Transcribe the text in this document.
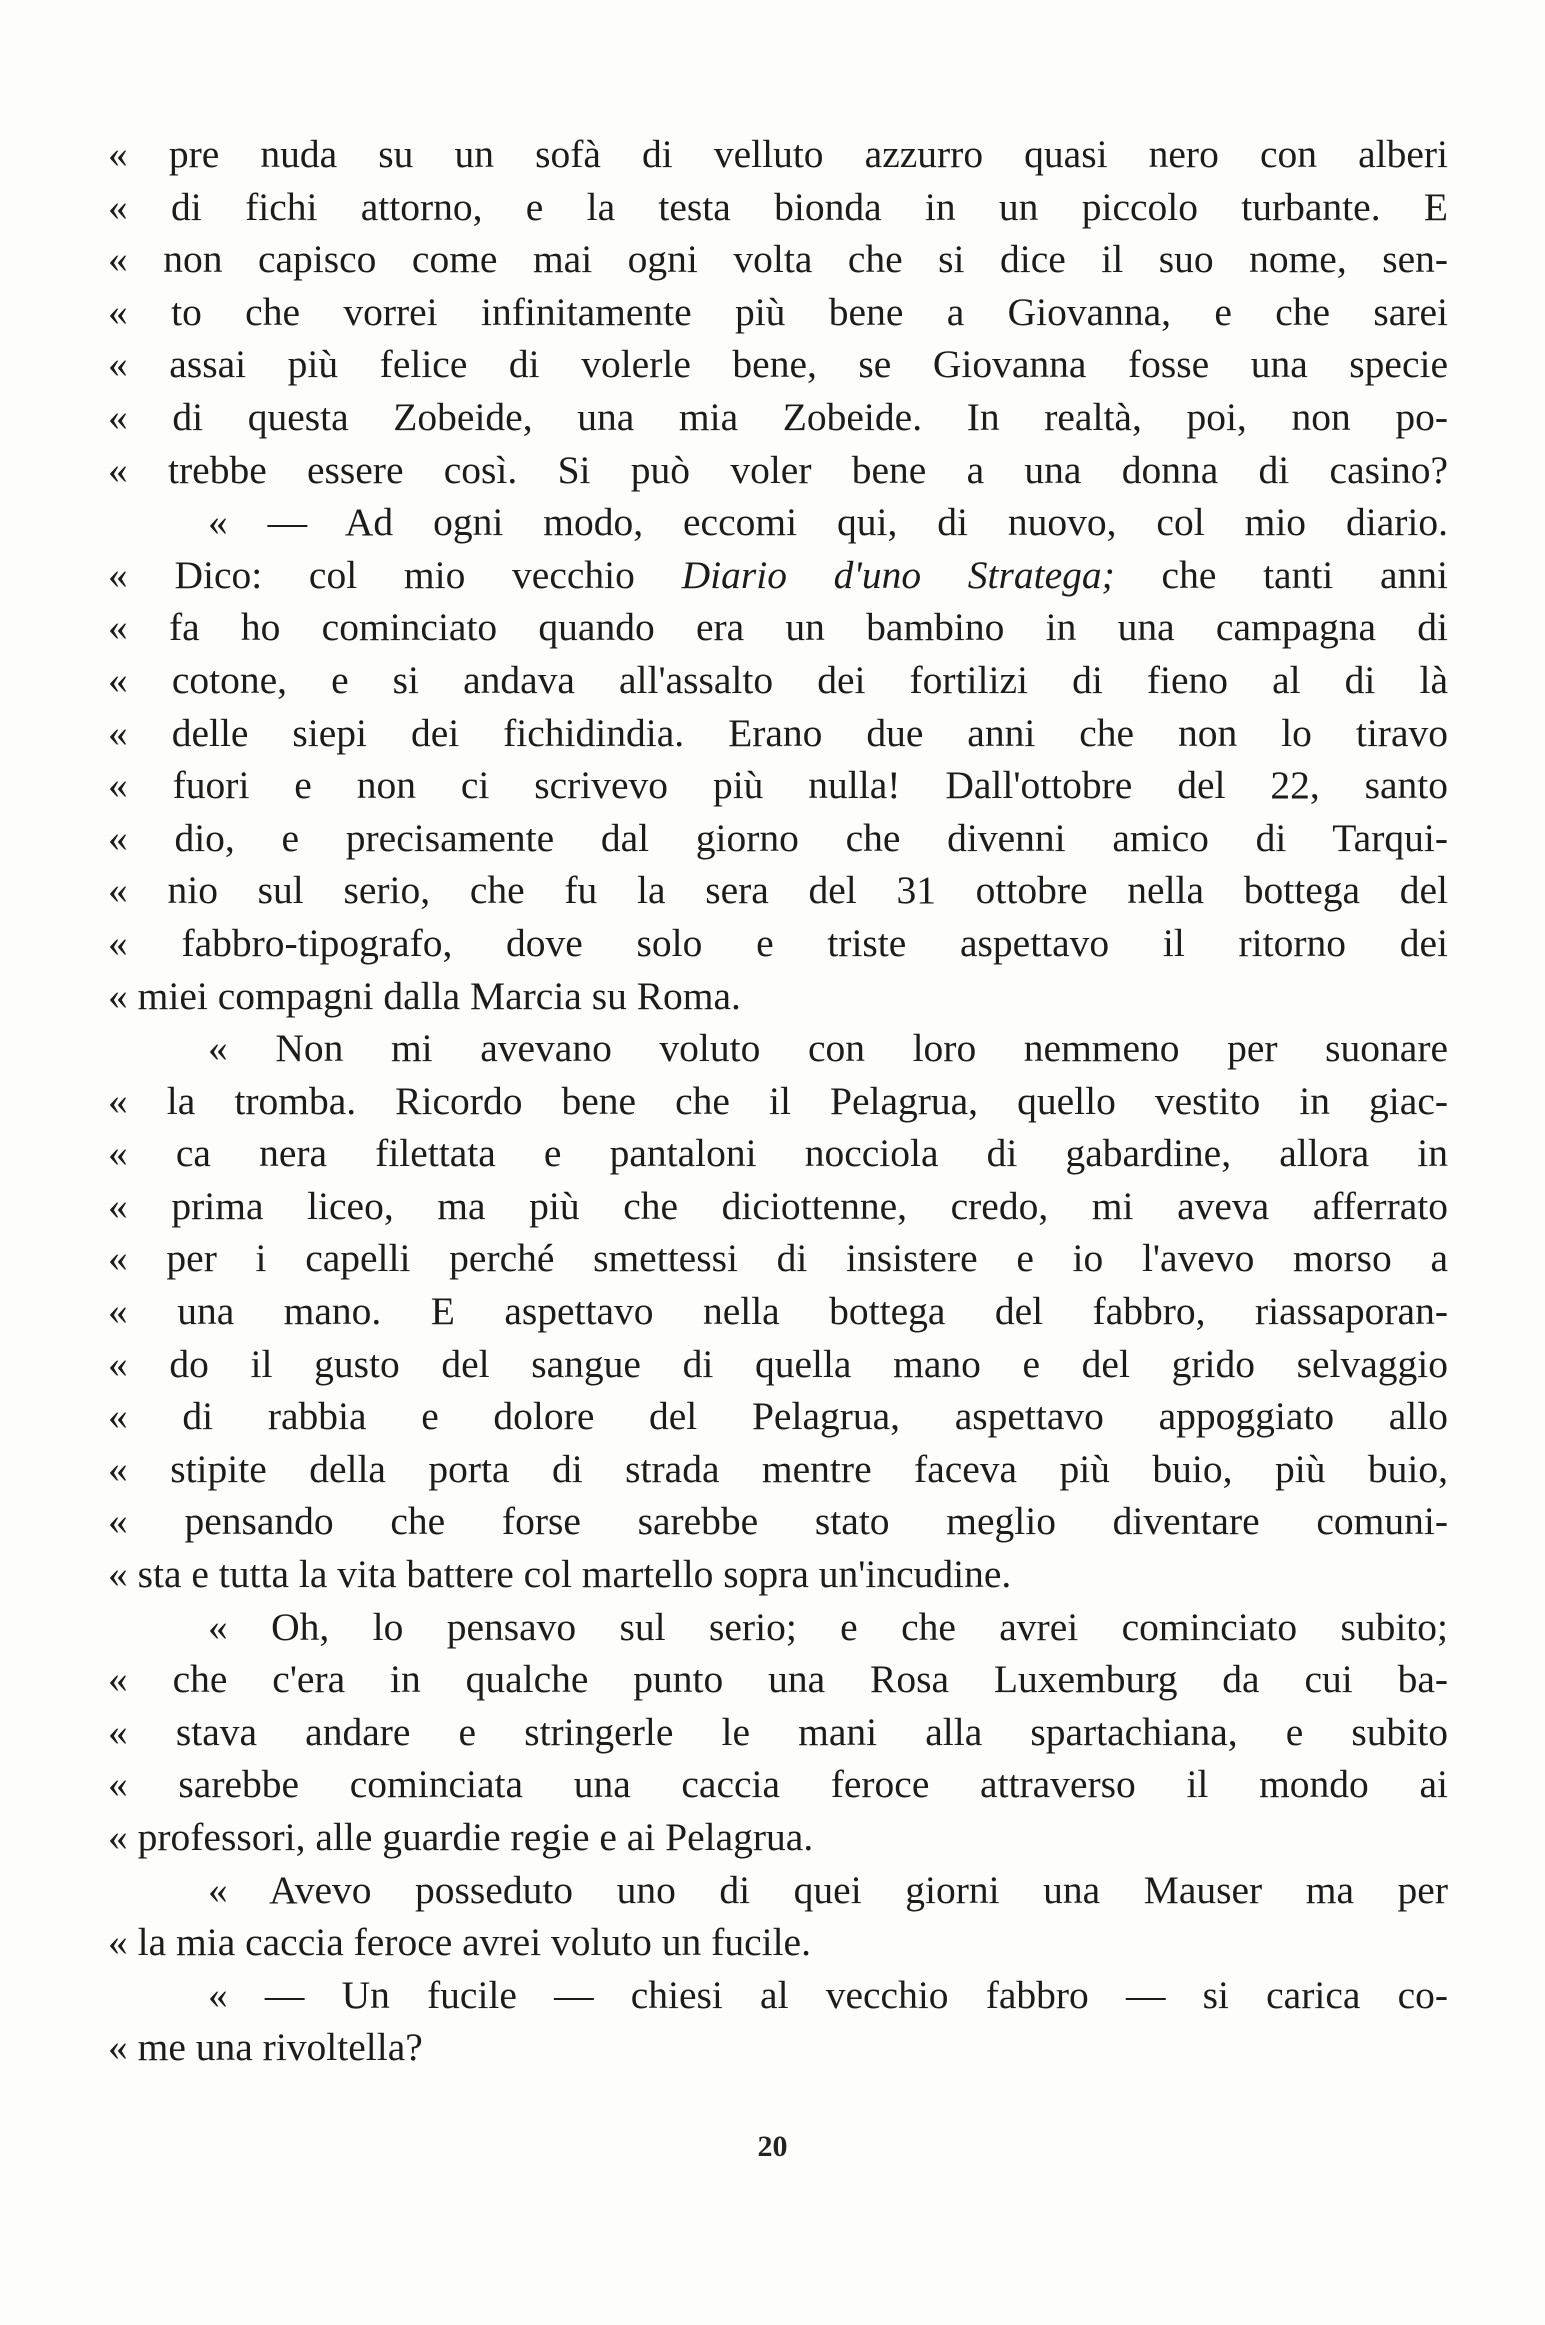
« pre nuda su un sofà di velluto azzurro quasi nero con alberi
« di fichi attorno, e la testa bionda in un piccolo turbante. E
« non capisco come mai ogni volta che si dice il suo nome, sen-
« to che vorrei infinitamente più bene a Giovanna, e che sarei
« assai più felice di volerle bene, se Giovanna fosse una specie
« di questa Zobeide, una mia Zobeide. In realtà, poi, non po-
« trebbe essere così. Si può voler bene a una donna di casino?
« — Ad ogni modo, eccomi qui, di nuovo, col mio diario.
« Dico: col mio vecchio Diario d'uno Stratega; che tanti anni
« fa ho cominciato quando era un bambino in una campagna di
« cotone, e si andava all'assalto dei fortilizi di fieno al di là
« delle siepi dei fichidindia. Erano due anni che non lo tiravo
« fuori e non ci scrivevo più nulla! Dall'ottobre del 22, santo
« dio, e precisamente dal giorno che divenni amico di Tarqui-
« nio sul serio, che fu la sera del 31 ottobre nella bottega del
« fabbro-tipografo, dove solo e triste aspettavo il ritorno dei
« miei compagni dalla Marcia su Roma.
« Non mi avevano voluto con loro nemmeno per suonare
« la tromba. Ricordo bene che il Pelagrua, quello vestito in giac-
« ca nera filettata e pantaloni nocciola di gabardine, allora in
« prima liceo, ma più che diciottenne, credo, mi aveva afferrato
« per i capelli perché smettessi di insistere e io l'avevo morso a
« una mano. E aspettavo nella bottega del fabbro, riassaporan-
« do il gusto del sangue di quella mano e del grido selvaggio
« di rabbia e dolore del Pelagrua, aspettavo appoggiato allo
« stipite della porta di strada mentre faceva più buio, più buio,
« pensando che forse sarebbe stato meglio diventare comuni-
« sta e tutta la vita battere col martello sopra un'incudine.
« Oh, lo pensavo sul serio; e che avrei cominciato subito;
« che c'era in qualche punto una Rosa Luxemburg da cui ba-
« stava andare e stringerle le mani alla spartachiana, e subito
« sarebbe cominciata una caccia feroce attraverso il mondo ai
« professori, alle guardie regie e ai Pelagrua.
« Avevo posseduto uno di quei giorni una Mauser ma per
« la mia caccia feroce avrei voluto un fucile.
« — Un fucile — chiesi al vecchio fabbro — si carica co-
« me una rivoltella?
20
